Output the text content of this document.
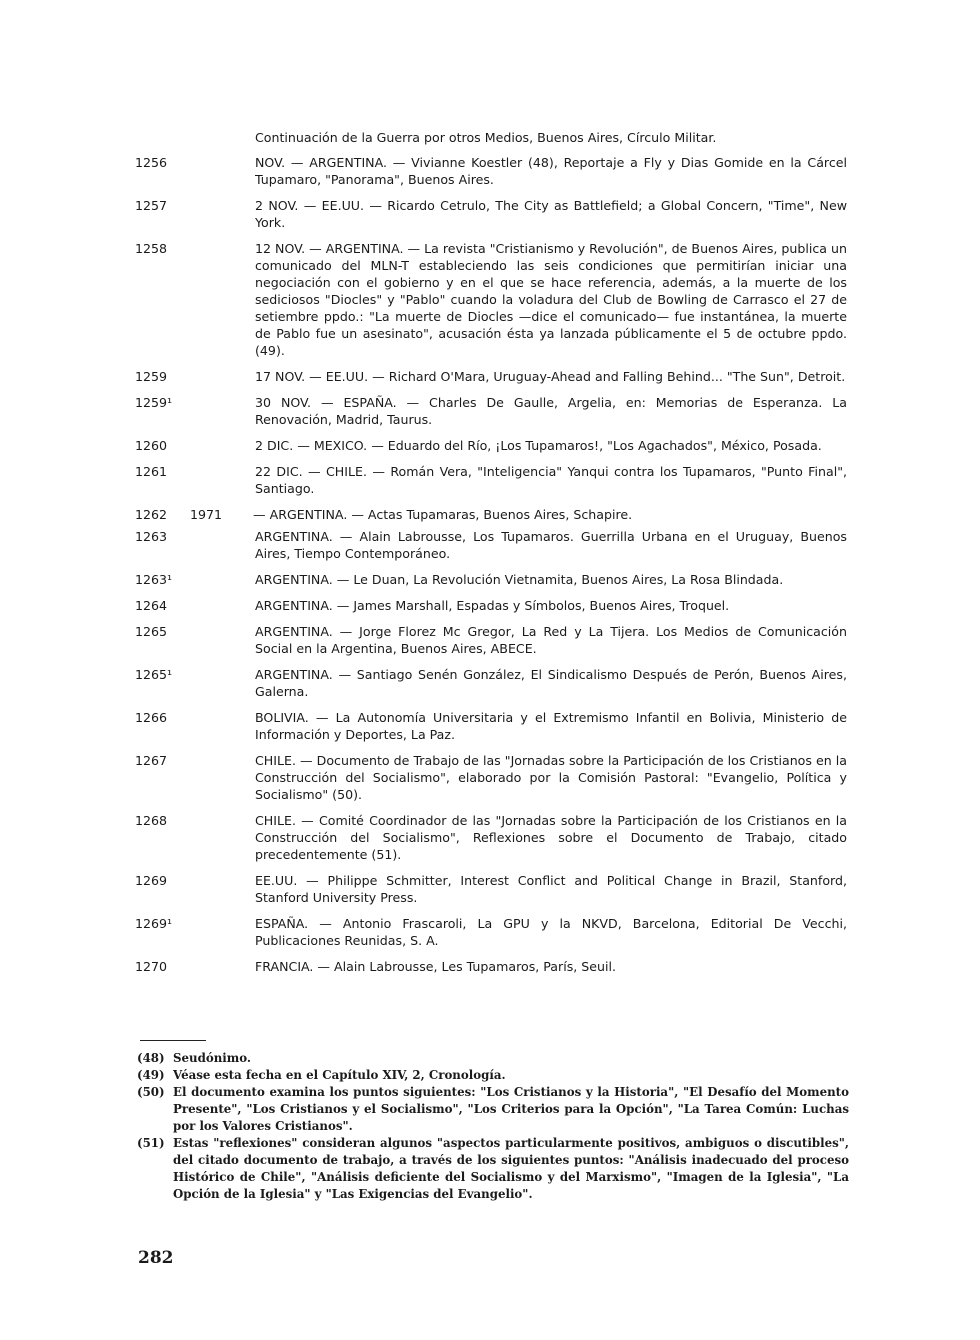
Continuación de la Guerra por otros Medios, Buenos Aires, Círculo Militar.
1256	NOV. — ARGENTINA. — Vivianne Koestler (48), Reportaje a Fly y Dias Gomide en la Cárcel Tupamaro, "Panorama", Buenos Aires.
1257	2 NOV. — EE.UU. — Ricardo Cetrulo, The City as Battlefield; a Global Concern, "Time", New York.
1258	12 NOV. — ARGENTINA. — La revista "Cristianismo y Revolución", de Buenos Aires, publica un comunicado del MLN-T estableciendo las seis condiciones que permitirían iniciar una negociación con el gobierno y en el que se hace referencia, además, a la muerte de los sediciosos "Diocles" y "Pablo" cuando la voladura del Club de Bowling de Carrasco el 27 de setiembre ppdo.: "La muerte de Diocles —dice el comunicado— fue instantánea, la muerte de Pablo fue un asesinato", acusación ésta ya lanzada públicamente el 5 de octubre ppdo. (49).
1259	17 NOV. — EE.UU. — Richard O'Mara, Uruguay-Ahead and Falling Behind... "The Sun", Detroit.
1259¹	30 NOV. — ESPAÑA. — Charles De Gaulle, Argelia, en: Memorias de Esperanza. La Renovación, Madrid, Taurus.
1260	2 DIC. — MEXICO. — Eduardo del Río, ¡Los Tupamaros!, "Los Agachados", México, Posada.
1261	22 DIC. — CHILE. — Román Vera, "Inteligencia" Yanqui contra los Tupamaros, "Punto Final", Santiago.
1262	1971	— ARGENTINA. — Actas Tupamaras, Buenos Aires, Schapire.
1263	ARGENTINA. — Alain Labrousse, Los Tupamaros. Guerrilla Urbana en el Uruguay, Buenos Aires, Tiempo Contemporáneo.
1263¹	ARGENTINA. — Le Duan, La Revolución Vietnamita, Buenos Aires, La Rosa Blindada.
1264	ARGENTINA. — James Marshall, Espadas y Símbolos, Buenos Aires, Troquel.
1265	ARGENTINA. — Jorge Florez Mc Gregor, La Red y La Tijera. Los Medios de Comunicación Social en la Argentina, Buenos Aires, ABECE.
1265¹	ARGENTINA. — Santiago Senén González, El Sindicalismo Después de Perón, Buenos Aires, Galerna.
1266	BOLIVIA. — La Autonomía Universitaria y el Extremismo Infantil en Bolivia, Ministerio de Información y Deportes, La Paz.
1267	CHILE. — Documento de Trabajo de las "Jornadas sobre la Participación de los Cristianos en la Construcción del Socialismo", elaborado por la Comisión Pastoral: "Evangelio, Política y Socialismo" (50).
1268	CHILE. — Comité Coordinador de las "Jornadas sobre la Participación de los Cristianos en la Construcción del Socialismo", Reflexiones sobre el Documento de Trabajo, citado precedentemente (51).
1269	EE.UU. — Philippe Schmitter, Interest Conflict and Political Change in Brazil, Stanford, Stanford University Press.
1269¹	ESPAÑA. — Antonio Frascaroli, La GPU y la NKVD, Barcelona, Editorial De Vecchi, Publicaciones Reunidas, S. A.
1270	FRANCIA. — Alain Labrousse, Les Tupamaros, París, Seuil.
(48) Seudónimo.
(49) Véase esta fecha en el Capítulo XIV, 2, Cronología.
(50) El documento examina los puntos siguientes: "Los Cristianos y la Historia", "El Desafío del Momento Presente", "Los Cristianos y el Socialismo", "Los Criterios para la Opción", "La Tarea Común: Luchas por los Valores Cristianos".
(51) Estas "reflexiones" consideran algunos "aspectos particularmente positivos, ambiguos o discutibles", del citado documento de trabajo, a través de los siguientes puntos: "Análisis inadecuado del proceso Histórico de Chile", "Análisis deficiente del Socialismo y del Marxismo", "Imagen de la Iglesia", "La Opción de la Iglesia" y "Las Exigencias del Evangelio".
282
